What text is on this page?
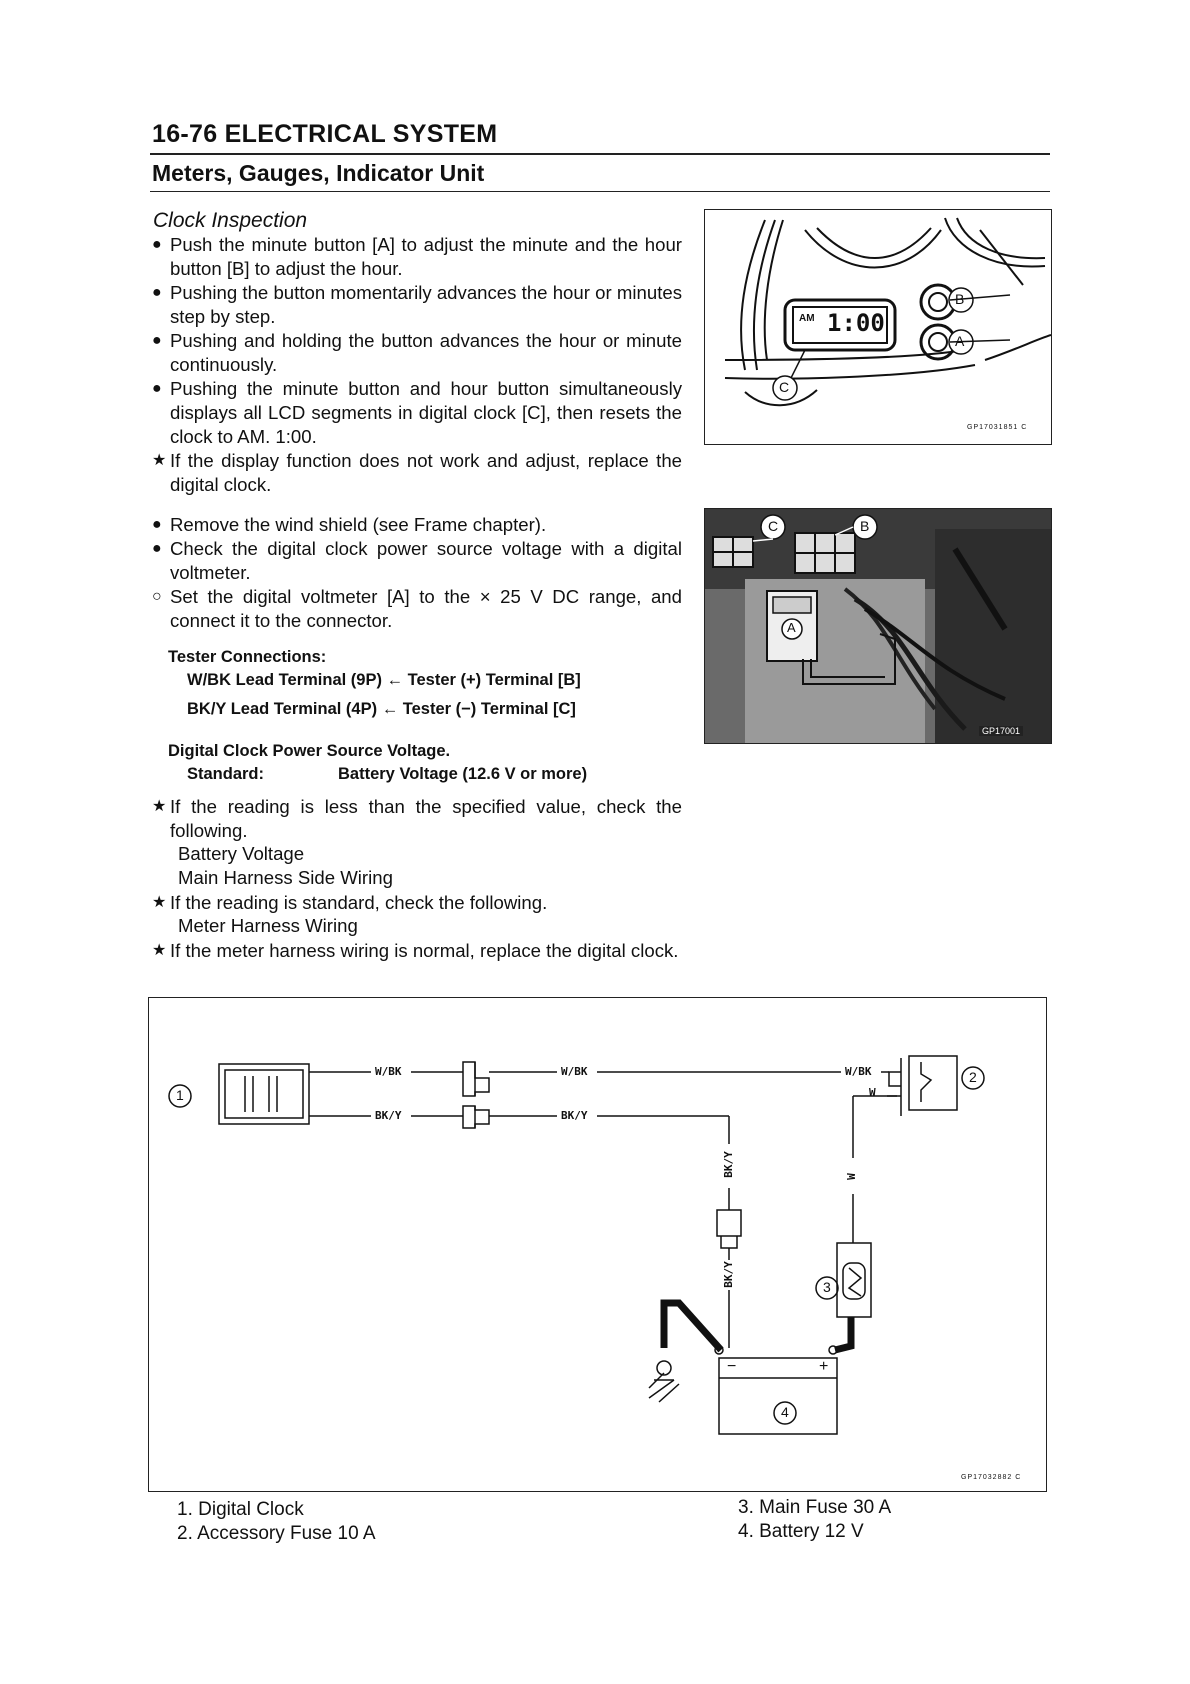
16-76 ELECTRICAL SYSTEM
Meters, Gauges, Indicator Unit
Clock Inspection
● Push the minute button [A] to adjust the minute and the hour button [B] to adjust the hour.
● Pushing the button momentarily advances the hour or minutes step by step.
● Pushing and holding the button advances the hour or minute continuously.
● Pushing the minute button and hour button simultaneously displays all LCD segments in digital clock [C], then resets the clock to AM. 1:00.
★ If the display function does not work and adjust, replace the digital clock.
● Remove the wind shield (see Frame chapter).
● Check the digital clock power source voltage with a digital voltmeter.
○ Set the digital voltmeter [A] to the × 25 V DC range, and connect it to the connector.
Tester Connections:
W/BK Lead Terminal (9P) ← Tester (+) Terminal [B]
BK/Y Lead Terminal (4P) ← Tester (−) Terminal [C]
Digital Clock Power Source Voltage.
Standard:	Battery Voltage (12.6 V or more)
★ If the reading is less than the specified value, check the following.
Battery Voltage
Main Harness Side Wiring
★ If the reading is standard, check the following.
Meter Harness Wiring
★ If the meter harness wiring is normal, replace the digital clock.
AM 1:00
B
A
C
GP17031851 C
C	B
A
GP17001
W/BK
BK/Y
W/BK
BK/Y
W/BK
W
BK/Y
BK/Y
W
1
2
3
4
−	+
GP17032882 C
1. Digital Clock
2. Accessory Fuse 10 A
3. Main Fuse 30 A
4. Battery 12 V
